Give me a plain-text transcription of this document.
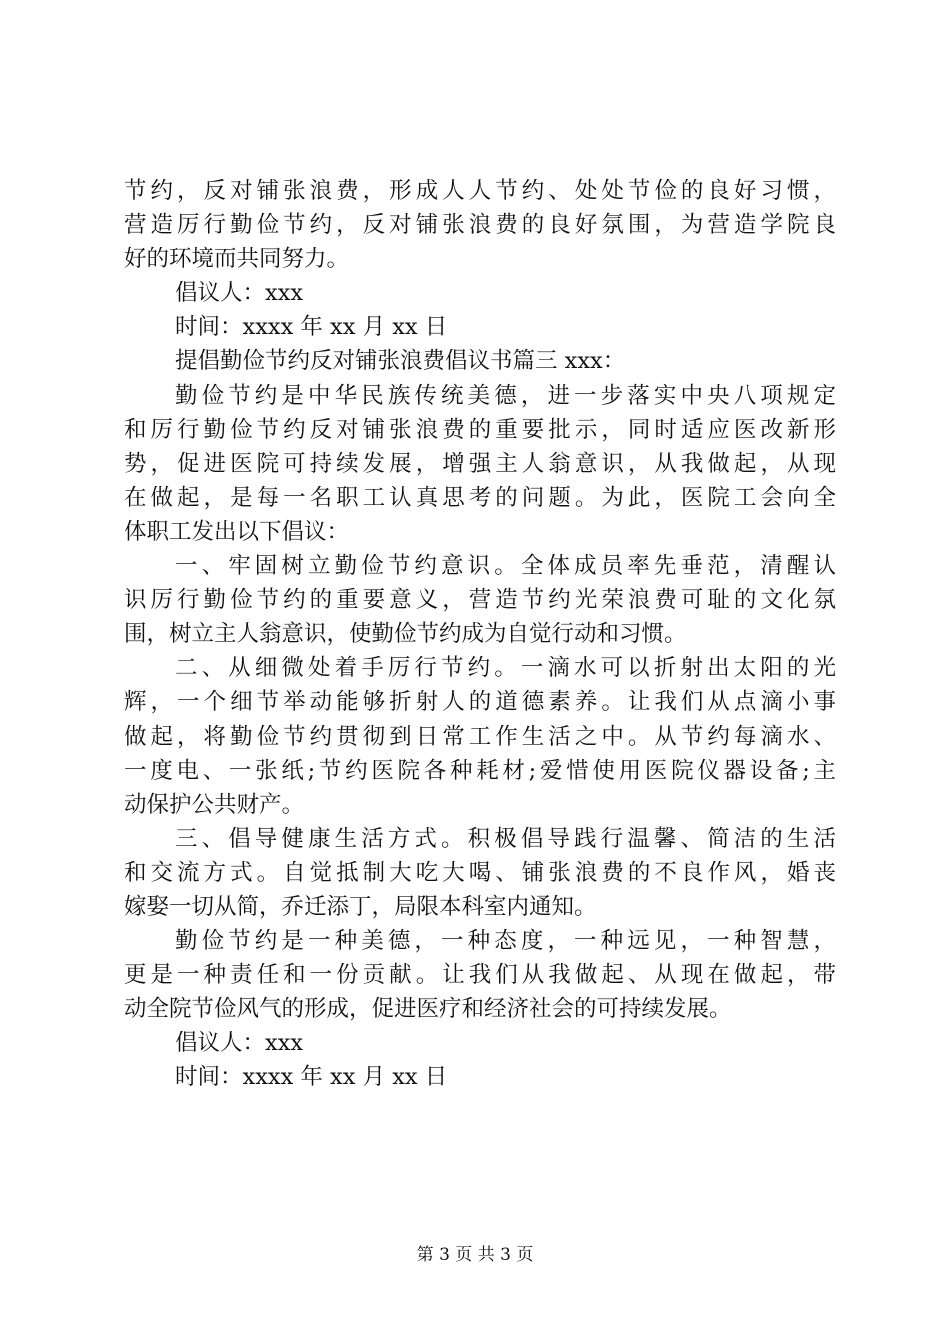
节约，反对铺张浪费，形成人人节约、处处节俭的良好习惯，
营造厉行勤俭节约，反对铺张浪费的良好氛围，为营造学院良
好的环境而共同努力。
倡议人：xxx
时间：xxxx 年 xx 月 xx 日
提倡勤俭节约反对铺张浪费倡议书篇三 xxx：
勤俭节约是中华民族传统美德，进一步落实中央八项规定
和厉行勤俭节约反对铺张浪费的重要批示，同时适应医改新形
势，促进医院可持续发展，增强主人翁意识，从我做起，从现
在做起，是每一名职工认真思考的问题。为此，医院工会向全
体职工发出以下倡议：
一、牢固树立勤俭节约意识。全体成员率先垂范，清醒认
识厉行勤俭节约的重要意义，营造节约光荣浪费可耻的文化氛
围，树立主人翁意识，使勤俭节约成为自觉行动和习惯。
二、从细微处着手厉行节约。一滴水可以折射出太阳的光
辉，一个细节举动能够折射人的道德素养。让我们从点滴小事
做起，将勤俭节约贯彻到日常工作生活之中。从节约每滴水、
一度电、一张纸;节约医院各种耗材;爱惜使用医院仪器设备;主
动保护公共财产。
三、倡导健康生活方式。积极倡导践行温馨、简洁的生活
和交流方式。自觉抵制大吃大喝、铺张浪费的不良作风，婚丧
嫁娶一切从简，乔迁添丁，局限本科室内通知。
勤俭节约是一种美德，一种态度，一种远见，一种智慧，
更是一种责任和一份贡献。让我们从我做起、从现在做起，带
动全院节俭风气的形成，促进医疗和经济社会的可持续发展。
倡议人：xxx
时间：xxxx 年 xx 月 xx 日
第 3 页 共 3 页
